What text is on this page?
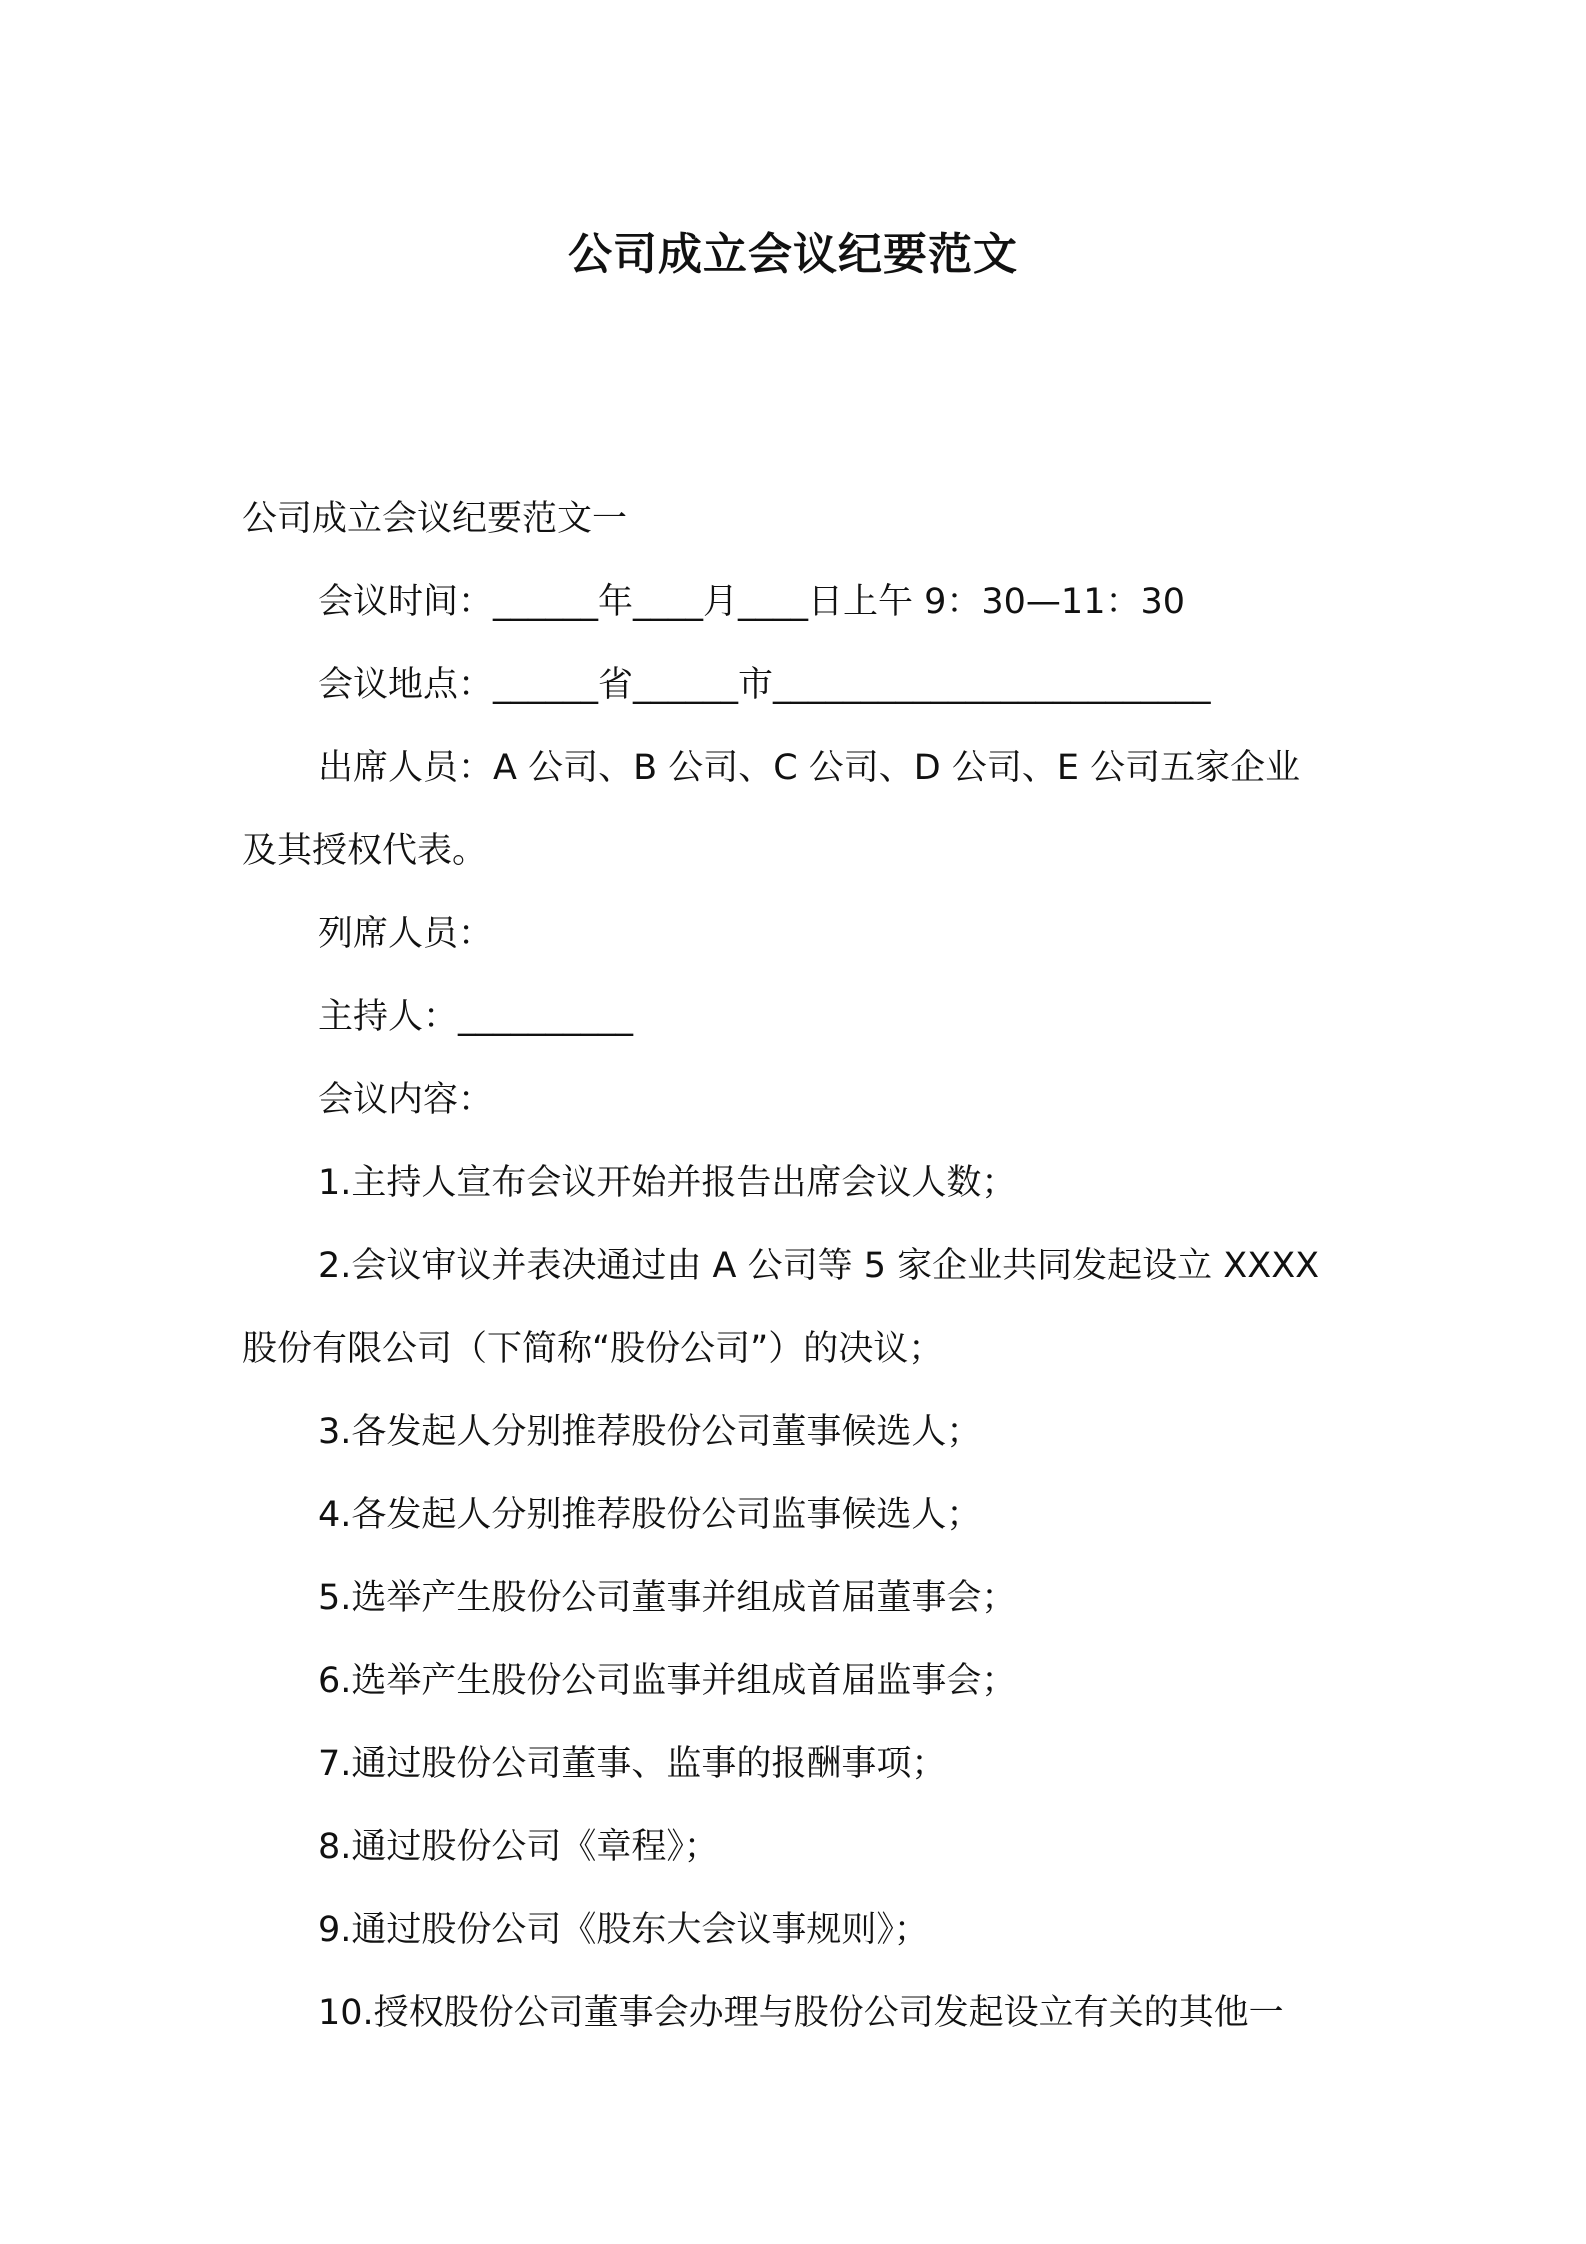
公司成立会议纪要范文

公司成立会议纪要范文一

会议时间：______年____月____日上午 9：30—11：30

会议地点：______省______市_________________________

出席人员：A 公司、B 公司、C 公司、D 公司、E 公司五家企业

及其授权代表。

列席人员：

主持人：__________

会议内容：

1.主持人宣布会议开始并报告出席会议人数；

2.会议审议并表决通过由 A 公司等 5 家企业共同发起设立 XXXX

股份有限公司（下简称“股份公司”）的决议；

3.各发起人分别推荐股份公司董事候选人；

4.各发起人分别推荐股份公司监事候选人；

5.选举产生股份公司董事并组成首届董事会；

6.选举产生股份公司监事并组成首届监事会；

7.通过股份公司董事、监事的报酬事项；

8.通过股份公司《章程》；

9.通过股份公司《股东大会议事规则》；

10.授权股份公司董事会办理与股份公司发起设立有关的其他一
